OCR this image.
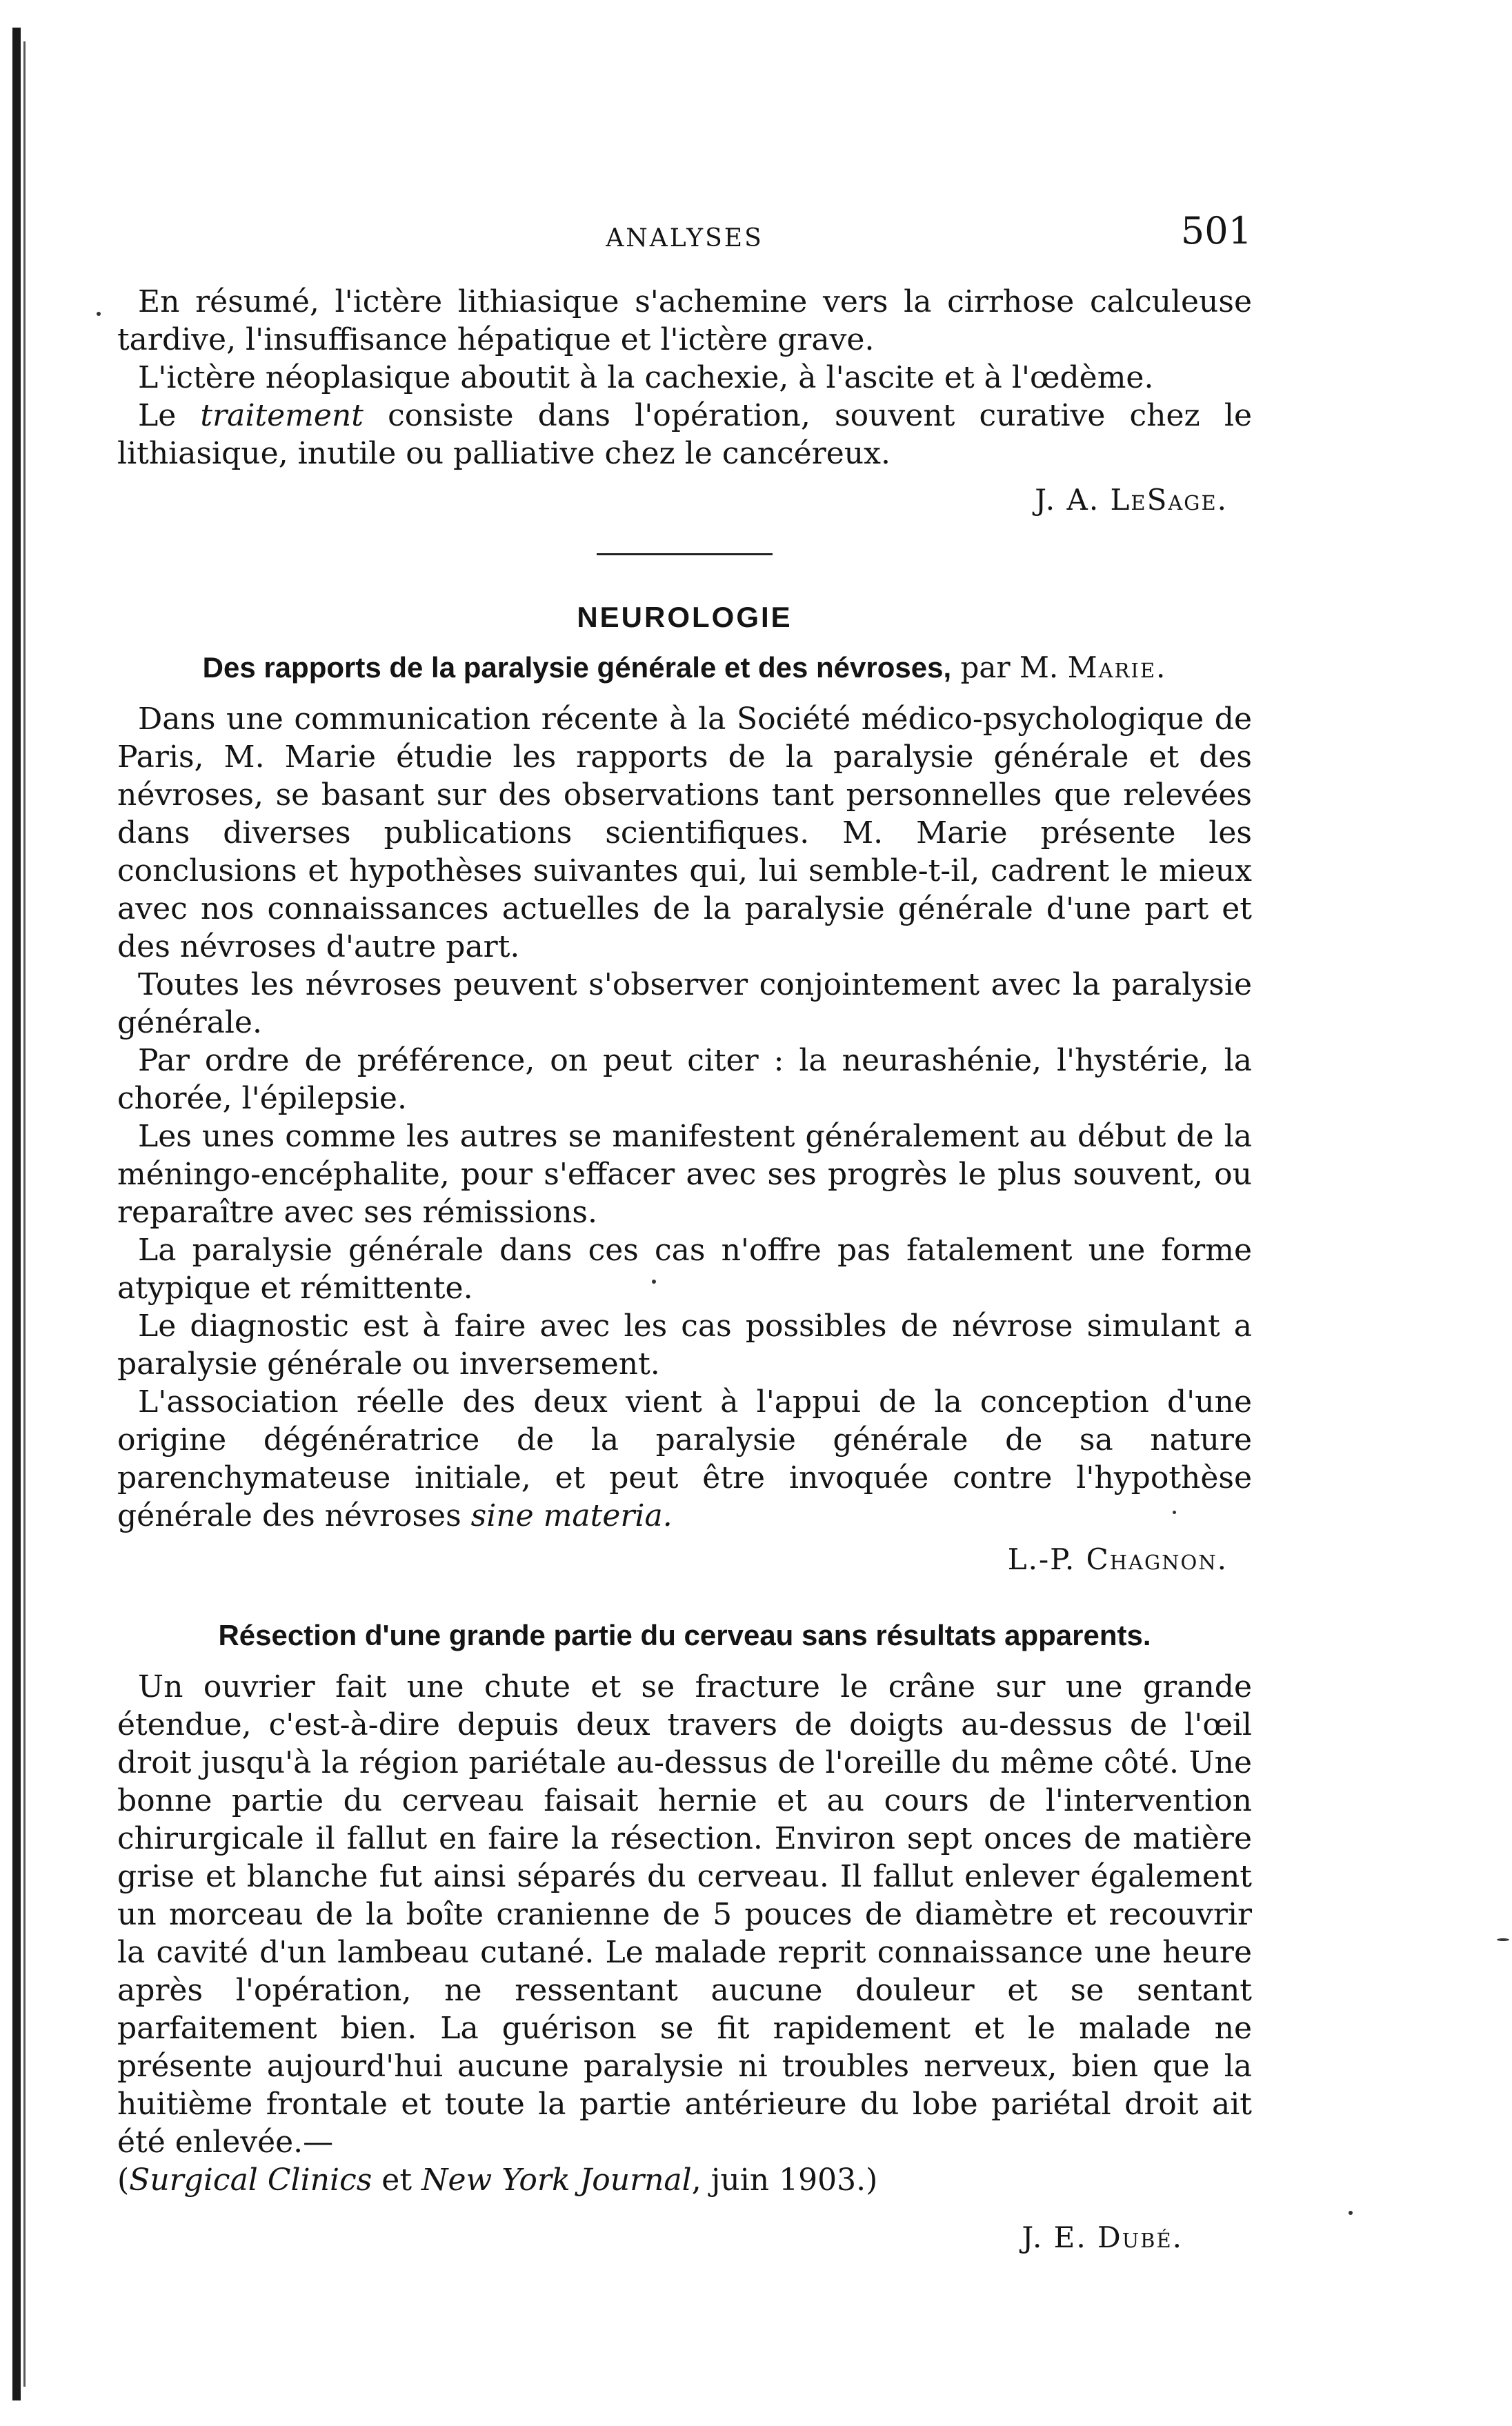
ANALYSES	501

En résumé, l'ictère lithiasique s'achemine vers la cirrhose calculeuse tardive, l'insuffisance hépatique et l'ictère grave.

L'ictère néoplasique aboutit à la cachexie, à l'ascite et à l'œdème.

Le traitement consiste dans l'opération, souvent curative chez le lithiasique, inutile ou palliative chez le cancéreux.

J. A. LeSage.

NEUROLOGIE
Des rapports de la paralysie générale et des névroses, par M. Marie.

Dans une communication récente à la Société médico-psychologique de Paris, M. Marie étudie les rapports de la paralysie générale et des névroses, se basant sur des observations tant personnelles que relevées dans diverses publications scientifiques. M. Marie présente les conclusions et hypothèses suivantes qui, lui semble-t-il, cadrent le mieux avec nos connaissances actuelles de la paralysie générale d'une part et des névroses d'autre part.

Toutes les névroses peuvent s'observer conjointement avec la paralysie générale.

Par ordre de préférence, on peut citer : la neurashénie, l'hystérie, la chorée, l'épilepsie.

Les unes comme les autres se manifestent généralement au début de la méningo-encéphalite, pour s'effacer avec ses progrès le plus souvent, ou reparaître avec ses rémissions.

La paralysie générale dans ces cas n'offre pas fatalement une forme atypique et rémittente.

Le diagnostic est à faire avec les cas possibles de névrose simulant a paralysie générale ou inversement.

L'association réelle des deux vient à l'appui de la conception d'une origine dégénératrice de la paralysie générale de sa nature parenchymateuse initiale, et peut être invoquée contre l'hypothèse générale des névroses sine materia.

L.-P. Chagnon.

Résection d'une grande partie du cerveau sans résultats apparents.

Un ouvrier fait une chute et se fracture le crâne sur une grande étendue, c'est-à-dire depuis deux travers de doigts au-dessus de l'œil droit jusqu'à la région pariétale au-dessus de l'oreille du même côté. Une bonne partie du cerveau faisait hernie et au cours de l'intervention chirurgicale il fallut en faire la résection. Environ sept onces de matière grise et blanche fut ainsi séparés du cerveau. Il fallut enlever également un morceau de la boîte cranienne de 5 pouces de diamètre et recouvrir la cavité d'un lambeau cutané. Le malade reprit connaissance une heure après l'opération, ne ressentant aucune douleur et se sentant parfaitement bien. La guérison se fit rapidement et le malade ne présente aujourd'hui aucune paralysie ni troubles nerveux, bien que la huitième frontale et toute la partie antérieure du lobe pariétal droit ait été enlevée.—
(Surgical Clinics et New York Journal, juin 1903.)

J. E. Dubé.
